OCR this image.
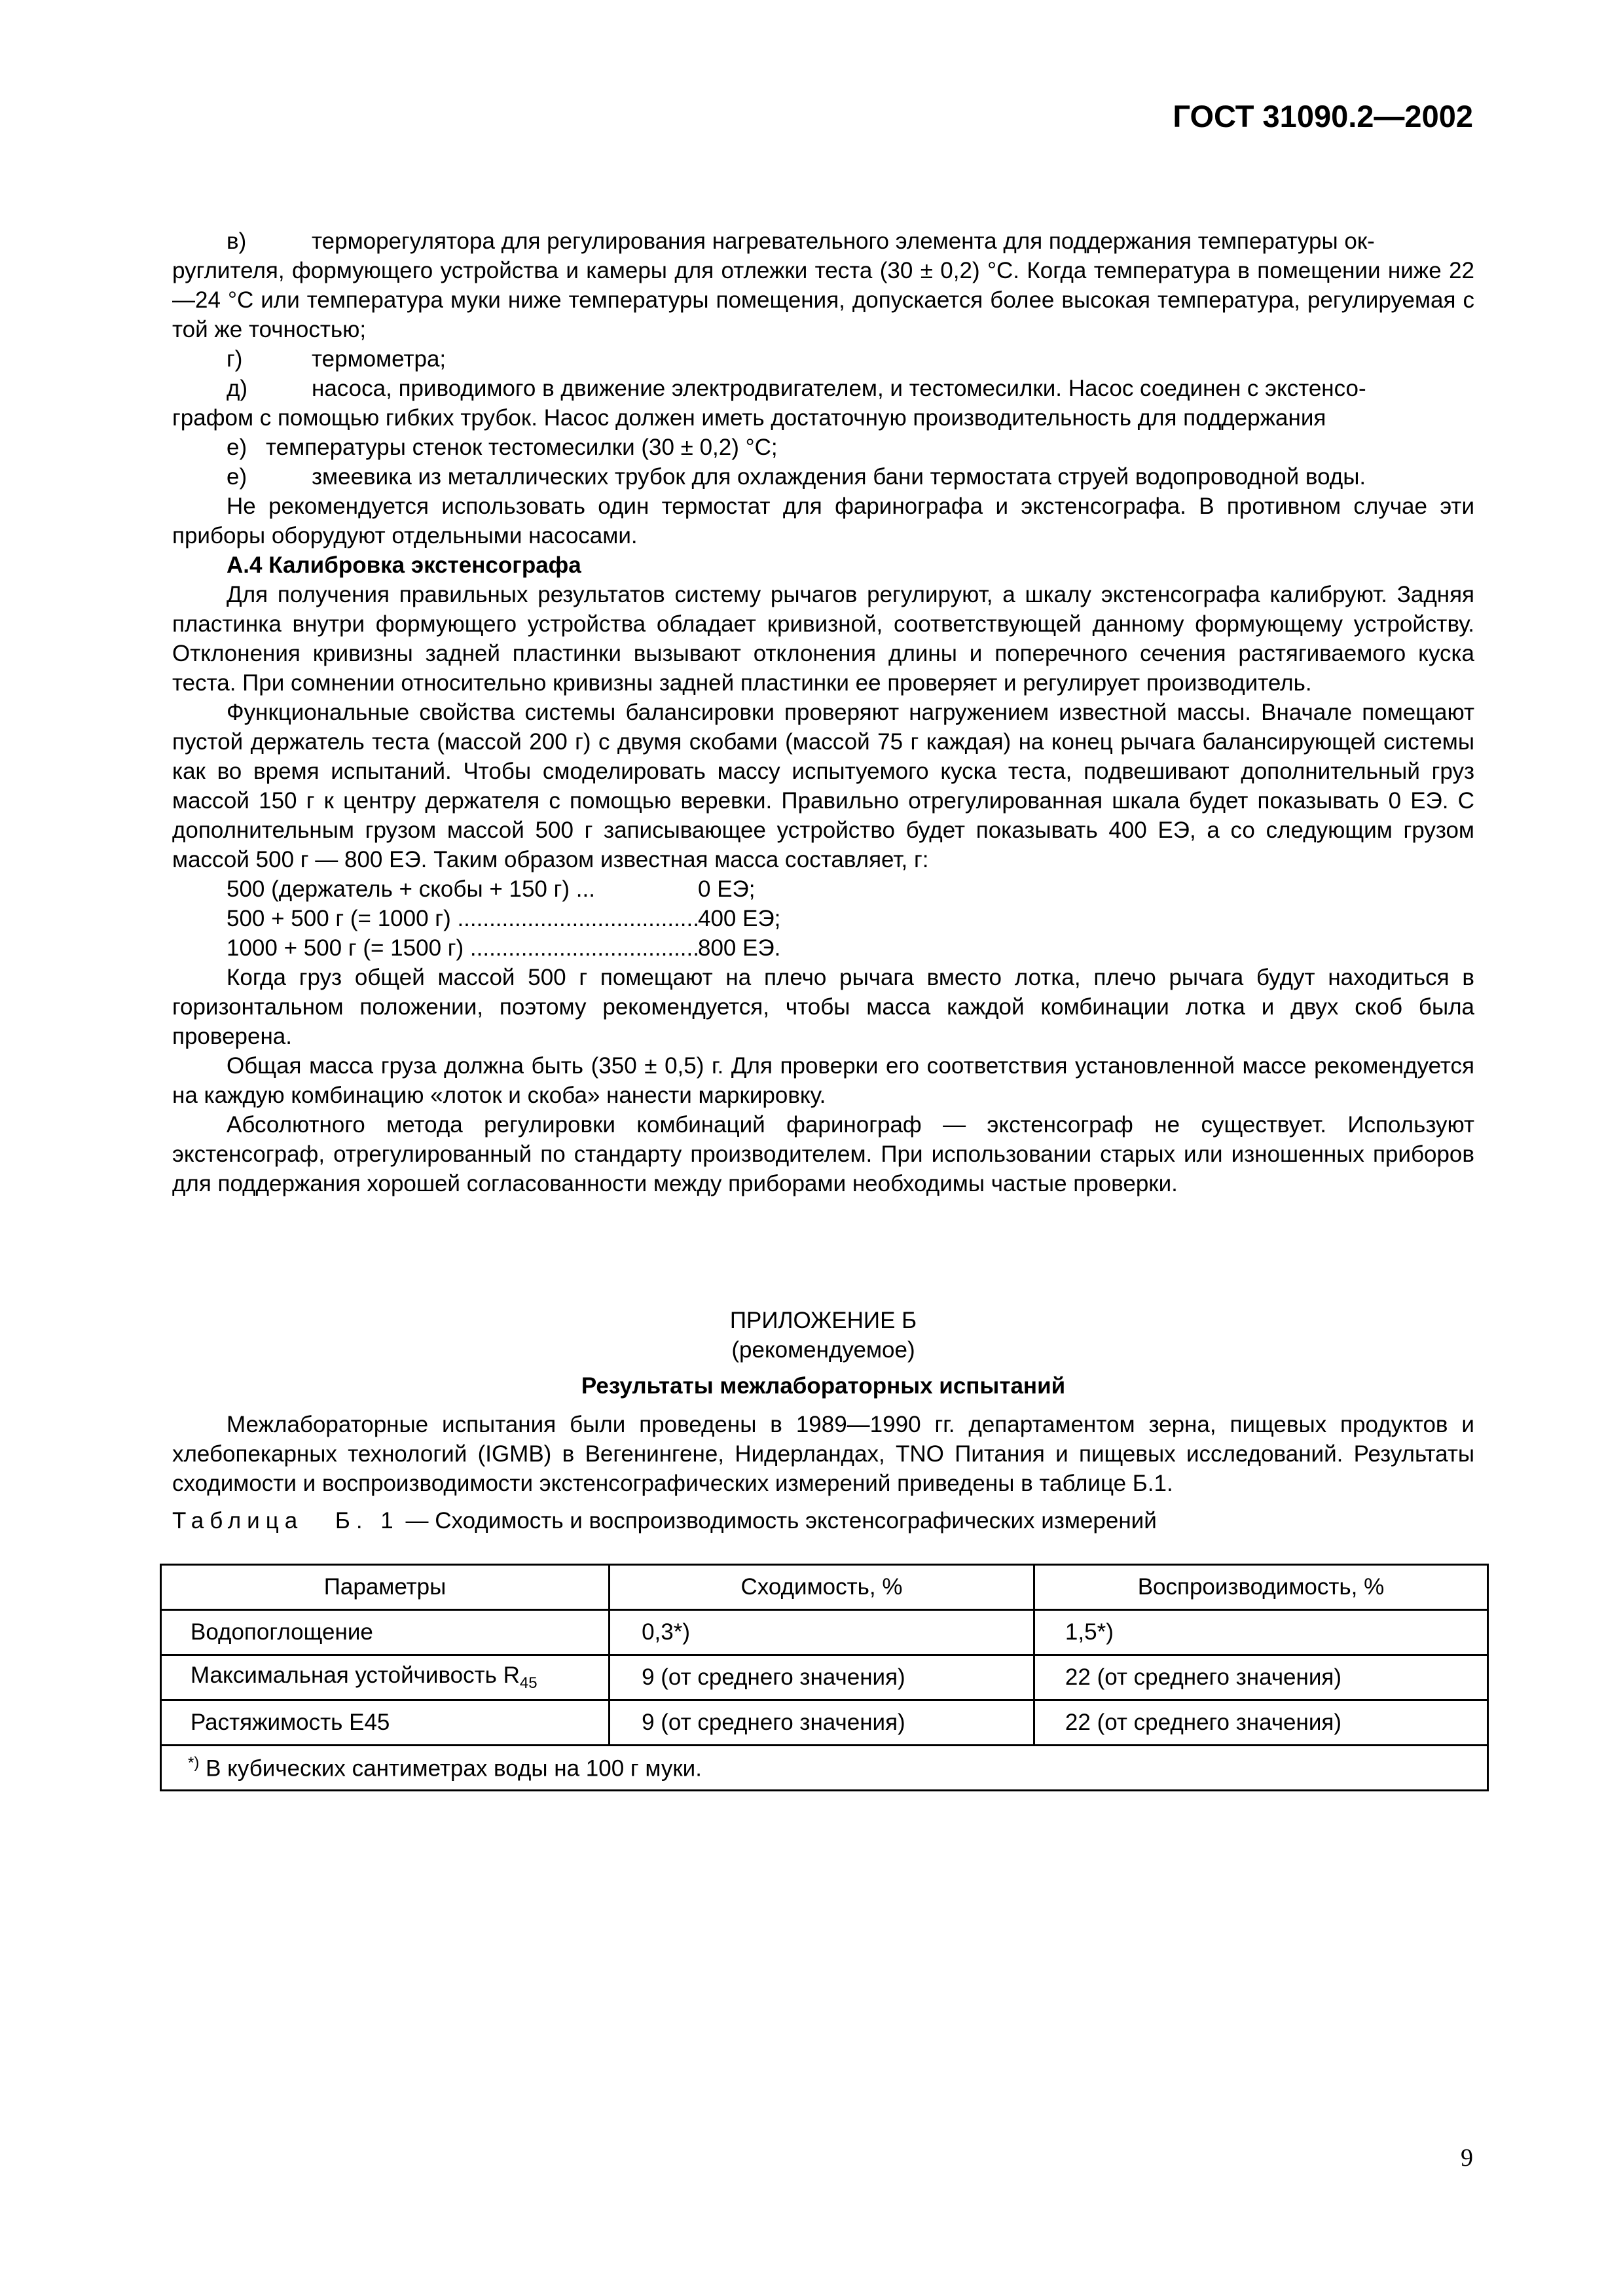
ГОСТ 31090.2—2002
в)	терморегулятора для регулирования нагревательного элемента для поддержания температуры ок-

руглителя, формующего устройства и камеры для отлежки теста (30 ± 0,2) °С. Когда температура в помещении ниже 22—24 °С или температура муки ниже температуры помещения, допускается более высокая температура, регулируемая с той же точностью;

г)	термометра;
д)	насоса, приводимого в движение электродвигателем, и тестомесилки. Насос соединен с экстенсо-

графом с помощью гибких трубок. Насос должен иметь достаточную производительность для поддержания

е) температуры стенок тестомесилки (30 ± 0,2) °С;
е)	змеевика из металлических трубок для охлаждения бани термостата струей водопроводной воды.

Не рекомендуется использовать один термостат для фаринографа и экстенсографа. В противном случае эти приборы оборудуют отдельными насосами.

А.4 Калибровка экстенсографа

Для получения правильных результатов систему рычагов регулируют, а шкалу экстенсографа калибруют. Задняя пластинка внутри формующего устройства обладает кривизной, соответствующей данному формующему устройству. Отклонения кривизны задней пластинки вызывают отклонения длины и поперечного сечения растягиваемого куска теста. При сомнении относительно кривизны задней пластинки ее проверяет и регулирует производитель.

Функциональные свойства системы балансировки проверяют нагружением известной массы. Вначале помещают пустой держатель теста (массой 200 г) с двумя скобами (массой 75 г каждая) на конец рычага балансирующей системы как во время испытаний. Чтобы смоделировать массу испытуемого куска теста, подвешивают дополнительный груз массой 150 г к центру держателя с помощью веревки. Правильно отрегулированная шкала будет показывать 0 ЕЭ. С дополнительным грузом массой 500 г записывающее устройство будет показывать 400 ЕЭ, а со следующим грузом массой 500 г — 800 ЕЭ. Таким образом известная масса составляет, г:

500 (держатель + скобы + 150 г) ...	0 ЕЭ;
500 + 500 г (= 1000 г) .....	400 ЕЭ;
1000 + 500 г (= 1500 г) .....	800 ЕЭ.

Когда груз общей массой 500 г помещают на плечо рычага вместо лотка, плечо рычага будут находиться в горизонтальном положении, поэтому рекомендуется, чтобы масса каждой комбинации лотка и двух скоб была проверена.

Общая масса груза должна быть (350 ± 0,5) г. Для проверки его соответствия установленной массе рекомендуется на каждую комбинацию «лоток и скоба» нанести маркировку.

Абсолютного метода регулировки комбинаций фаринограф — экстенсограф не существует. Используют экстенсограф, отрегулированный по стандарту производителем. При использовании старых или изношенных приборов для поддержания хорошей согласованности между приборами необходимы частые проверки.

ПРИЛОЖЕНИЕ Б
(рекомендуемое)
Результаты межлабораторных испытаний

Межлабораторные испытания были проведены в 1989—1990 гг. департаментом зерна, пищевых продуктов и хлебопекарных технологий (IGMB) в Вегенингене, Нидерландах, TNO Питания и пищевых исследований. Результаты сходимости и воспроизводимости экстенсографических измерений приведены в таблице Б.1.

Таблица Б. 1 — Сходимость и воспроизводимость экстенсографических измерений
Параметры	Сходимость, %	Воспроизводимость, %
Водопоглощение	0,3*)	1,5*)
Максимальная устойчивость $R_{45}$	9 (от среднего значения)	22 (от среднего значения)
Растяжимость Е45	9 (от среднего значения)	22 (от среднего значения)
*) В кубических сантиметрах воды на 100 г муки.		
9
